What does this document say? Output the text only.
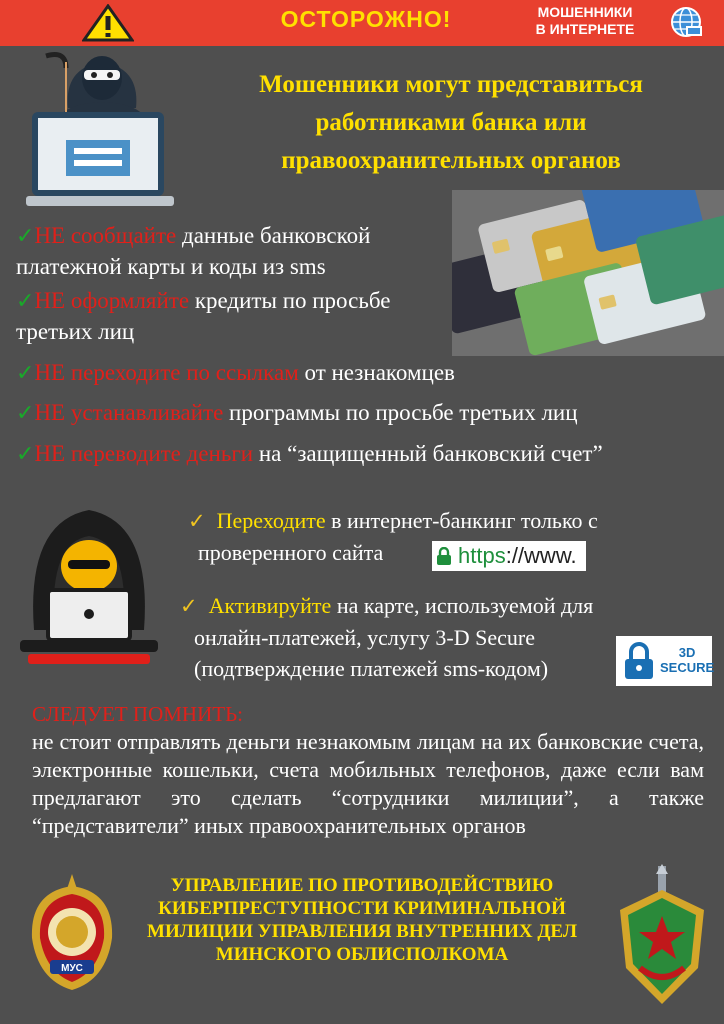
ОСТОРОЖНО!	МОШЕННИКИ
В ИНТЕРНЕТЕ
Мошенники могут представиться
работниками банка или
правоохранительных органов
✓НЕ сообщайте данные банковской
платежной карты и коды из sms
✓НЕ оформляйте кредиты по просьбе
третьих лиц
✓НЕ переходите по ссылкам от незнакомцев
✓НЕ устанавливайте программы по просьбе третьих лиц
✓НЕ переводите деньги на “защищенный банковский счет”
✓ Переходите в интернет-банкинг только с
проверенного сайта	https://www.
✓ Активируйте на карте, используемой для
онлайн-платежей, услугу 3-D Secure
(подтверждение платежей sms-кодом)
3D
SECURE
СЛЕДУЕТ ПОМНИТЬ:
не стоит отправлять деньги незнакомым лицам на их банковские счета, электронные кошельки, счета мобильных телефонов, даже если вам предлагают это сделать “сотрудники милиции”, а также “представители” иных правоохранительных органов
МУС
УПРАВЛЕНИЕ ПО ПРОТИВОДЕЙСТВИЮ
КИБЕРПРЕСТУПНОСТИ КРИМИНАЛЬНОЙ
МИЛИЦИИ УПРАВЛЕНИЯ ВНУТРЕННИХ ДЕЛ
МИНСКОГО ОБЛИСПОЛКОМА
